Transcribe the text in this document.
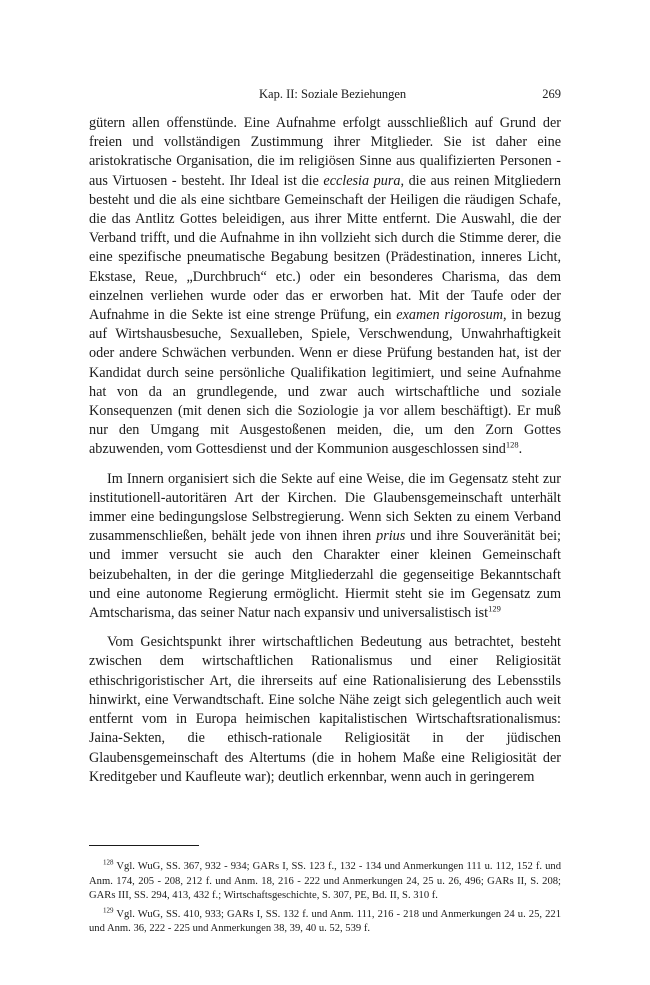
Kap. II: Soziale Beziehungen	269

gütern allen offenstünde. Eine Aufnahme erfolgt ausschließlich auf Grund der freien und vollständigen Zustimmung ihrer Mitglieder. Sie ist daher eine aristokratische Organisation, die im religiösen Sinne aus qualifizierten Personen - aus Virtuosen - besteht. Ihr Ideal ist die ecclesia pura, die aus reinen Mitgliedern besteht und die als eine sichtbare Gemeinschaft der Heiligen die räudigen Schafe, die das Antlitz Gottes beleidigen, aus ihrer Mitte entfernt. Die Auswahl, die der Verband trifft, und die Aufnahme in ihn vollzieht sich durch die Stimme derer, die eine spezifische pneumatische Begabung besitzen (Prädestination, inneres Licht, Ekstase, Reue, „Durchbruch“ etc.) oder ein besonderes Charisma, das dem einzelnen verliehen wurde oder das er erworben hat. Mit der Taufe oder der Aufnahme in die Sekte ist eine strenge Prüfung, ein examen rigorosum, in bezug auf Wirtshausbesuche, Sexualleben, Spiele, Verschwendung, Unwahrhaftigkeit oder andere Schwächen verbunden. Wenn er diese Prüfung bestanden hat, ist der Kandidat durch seine persönliche Qualifikation legitimiert, und seine Aufnahme hat von da an grundlegende, und zwar auch wirtschaftliche und soziale Konsequenzen (mit denen sich die Soziologie ja vor allem beschäftigt). Er muß nur den Umgang mit Ausgestoßenen meiden, die, um den Zorn Gottes abzuwenden, vom Gottesdienst und der Kommunion ausgeschlossen sind$^{128}$.

Im Innern organisiert sich die Sekte auf eine Weise, die im Gegensatz steht zur institutionell-autoritären Art der Kirchen. Die Glaubensgemeinschaft unterhält immer eine bedingungslose Selbstregierung. Wenn sich Sekten zu einem Verband zusammenschließen, behält jede von ihnen ihren prius und ihre Souveränität bei; und immer versucht sie auch den Charakter einer kleinen Gemeinschaft beizubehalten, in der die geringe Mitgliederzahl die gegenseitige Bekanntschaft und eine autonome Regierung ermöglicht. Hiermit steht sie im Gegensatz zum Amtscharisma, das seiner Natur nach expansiv und universalistisch ist$^{129}$

Vom Gesichtspunkt ihrer wirtschaftlichen Bedeutung aus betrachtet, besteht zwischen dem wirtschaftlichen Rationalismus und einer Religiosität ethischrigoristischer Art, die ihrerseits auf eine Rationalisierung des Lebensstils hinwirkt, eine Verwandtschaft. Eine solche Nähe zeigt sich gelegentlich auch weit entfernt vom in Europa heimischen kapitalistischen Wirtschaftsrationalismus: Jaina-Sekten, die ethisch-rationale Religiosität in der jüdischen Glaubensgemeinschaft des Altertums (die in hohem Maße eine Religiosität der Kreditgeber und Kaufleute war); deutlich erkennbar, wenn auch in geringerem

$^{128}$ Vgl. WuG, SS. 367, 932 - 934; GARs I, SS. 123 f., 132 - 134 und Anmerkungen 111 u. 112, 152 f. und Anm. 174, 205 - 208, 212 f. und Anm. 18, 216 - 222 und Anmerkungen 24, 25 u. 26, 496; GARs II, S. 208; GARs III, SS. 294, 413, 432 f.; Wirtschaftsgeschichte, S. 307, PE, Bd. II, S. 310 f.

$^{129}$ Vgl. WuG, SS. 410, 933; GARs I, SS. 132 f. und Anm. 111, 216 - 218 und Anmerkungen 24 u. 25, 221 und Anm. 36, 222 - 225 und Anmerkungen 38, 39, 40 u. 52, 539 f.
